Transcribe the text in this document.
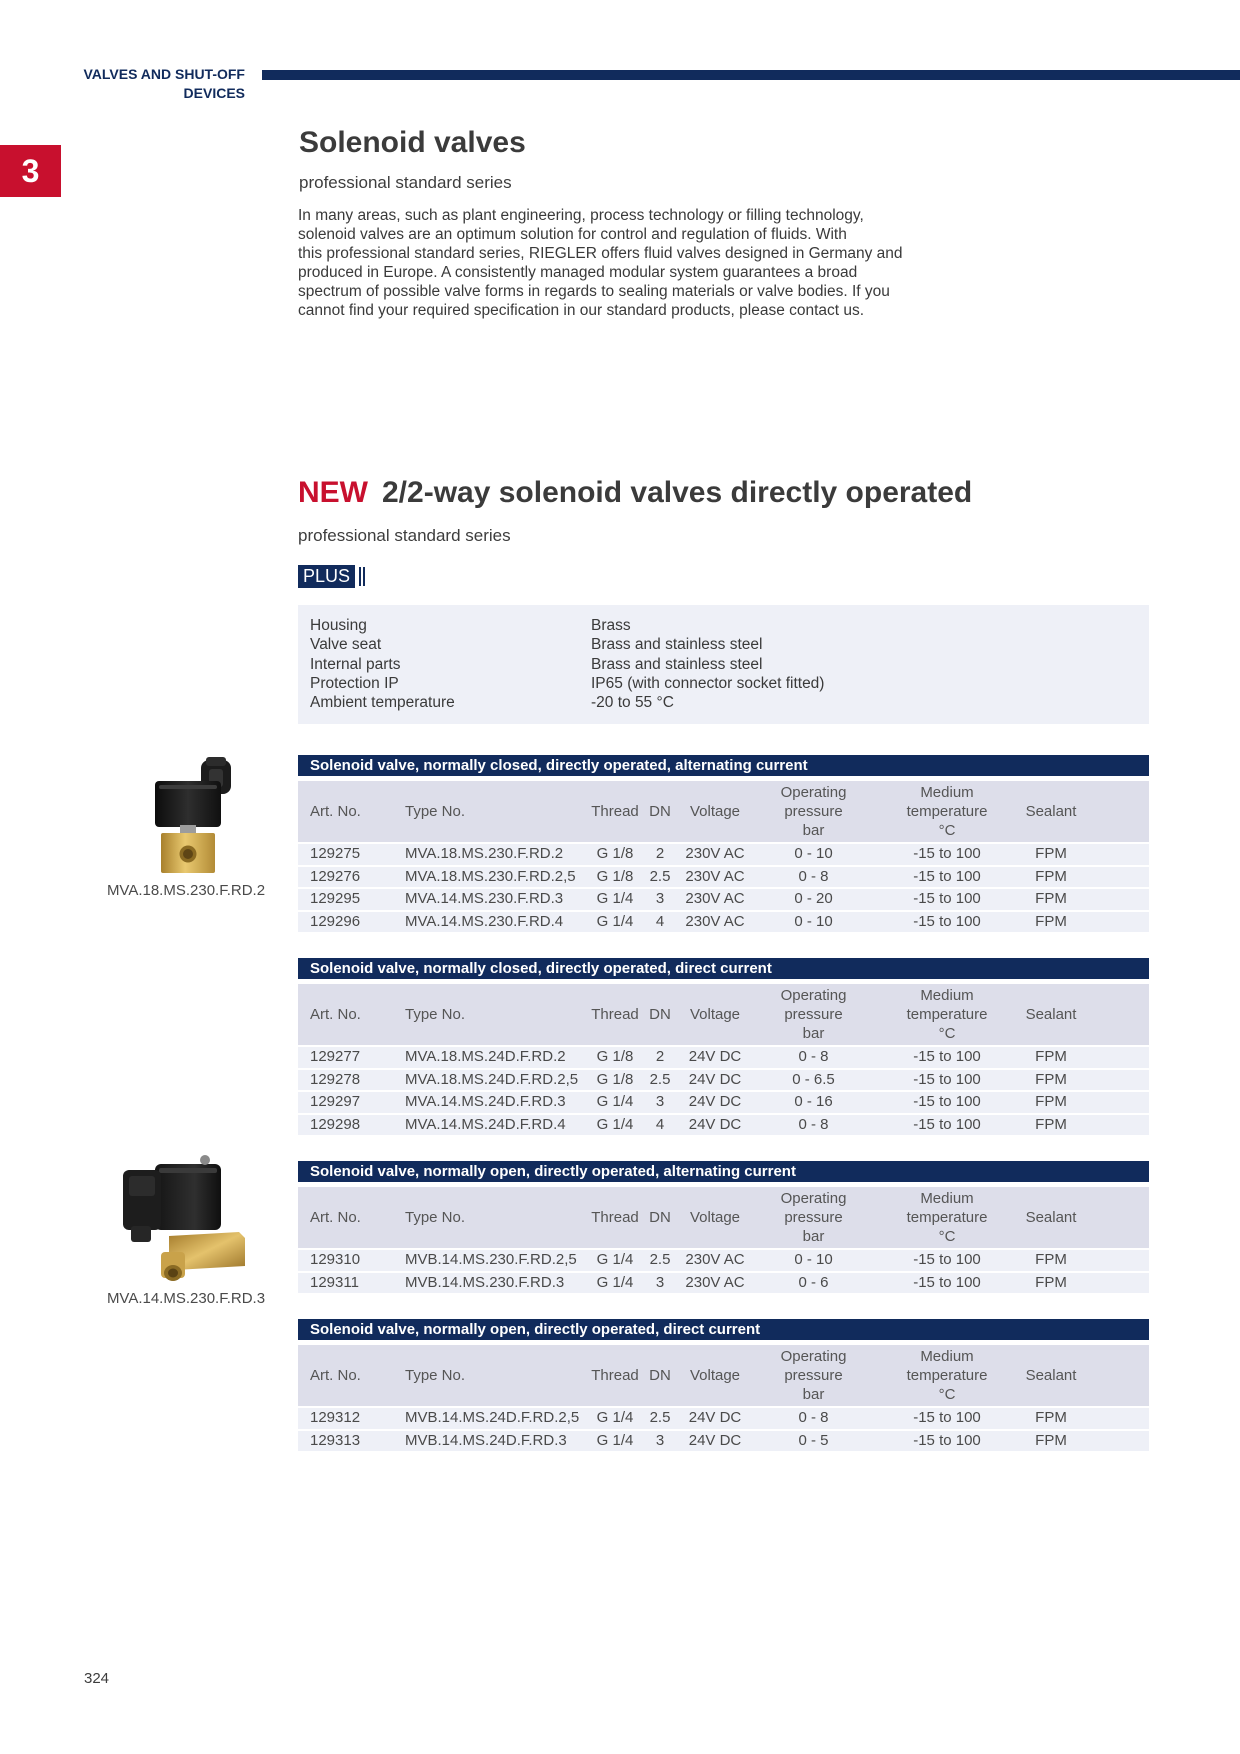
VALVES AND SHUT-OFF
DEVICES
3
Solenoid valves
professional standard series
In many areas, such as plant engineering, process technology or filling technology,
solenoid valves are an optimum solution for control and regulation of fluids. With
this professional standard series, RIEGLER offers fluid valves designed in Germany and
produced in Europe. A consistently managed modular system guarantees a broad
spectrum of possible valve forms in regards to sealing materials or valve bodies. If you
cannot find your required specification in our standard products, please contact us.
NEW 2/2-way solenoid valves directly operated
professional standard series
PLUS
Housing	Brass
Valve seat	Brass and stainless steel
Internal parts	Brass and stainless steel
Protection IP	IP65 (with connector socket fitted)
Ambient temperature	-20 to 55 °C
Solenoid valve, normally closed, directly operated, alternating current
Art. No.	Type No.	Thread	DN	Voltage	Operating
pressure
bar	Medium
temperature
°C	Sealant	
129275	MVA.18.MS.230.F.RD.2	G 1/8	2	230V AC	0 - 10	-15 to 100	FPM	
129276	MVA.18.MS.230.F.RD.2,5	G 1/8	2.5	230V AC	0 - 8	-15 to 100	FPM	
129295	MVA.14.MS.230.F.RD.3	G 1/4	3	230V AC	0 - 20	-15 to 100	FPM	
129296	MVA.14.MS.230.F.RD.4	G 1/4	4	230V AC	0 - 10	-15 to 100	FPM	
Solenoid valve, normally closed, directly operated, direct current
Art. No.	Type No.	Thread	DN	Voltage	Operating
pressure
bar	Medium
temperature
°C	Sealant	
129277	MVA.18.MS.24D.F.RD.2	G 1/8	2	24V DC	0 - 8	-15 to 100	FPM	
129278	MVA.18.MS.24D.F.RD.2,5	G 1/8	2.5	24V DC	0 - 6.5	-15 to 100	FPM	
129297	MVA.14.MS.24D.F.RD.3	G 1/4	3	24V DC	0 - 16	-15 to 100	FPM	
129298	MVA.14.MS.24D.F.RD.4	G 1/4	4	24V DC	0 - 8	-15 to 100	FPM	
Solenoid valve, normally open, directly operated, alternating current
Art. No.	Type No.	Thread	DN	Voltage	Operating
pressure
bar	Medium
temperature
°C	Sealant	
129310	MVB.14.MS.230.F.RD.2,5	G 1/4	2.5	230V AC	0 - 10	-15 to 100	FPM	
129311	MVB.14.MS.230.F.RD.3	G 1/4	3	230V AC	0 - 6	-15 to 100	FPM	
Solenoid valve, normally open, directly operated, direct current
Art. No.	Type No.	Thread	DN	Voltage	Operating
pressure
bar	Medium
temperature
°C	Sealant	
129312	MVB.14.MS.24D.F.RD.2,5	G 1/4	2.5	24V DC	0 - 8	-15 to 100	FPM	
129313	MVB.14.MS.24D.F.RD.3	G 1/4	3	24V DC	0 - 5	-15 to 100	FPM	
MVA.18.MS.230.F.RD.2
MVA.14.MS.230.F.RD.3
324
